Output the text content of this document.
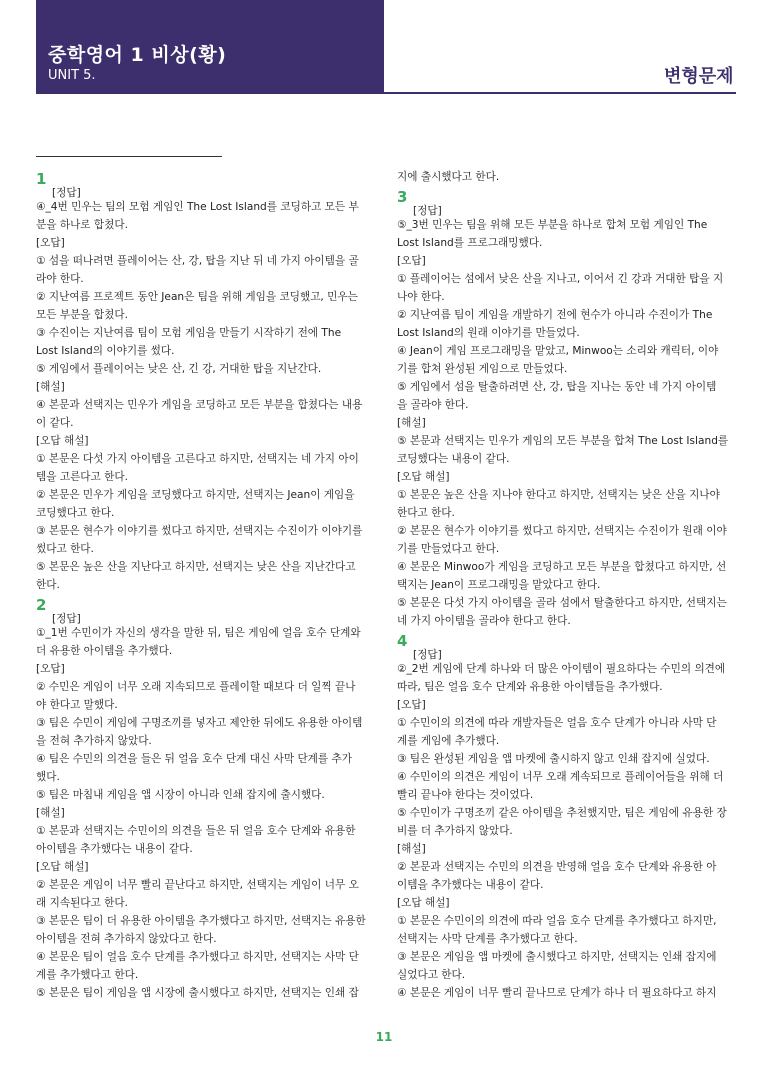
중학영어 1 비상(황)
UNIT 5.	변형문제
1
[정답]
④_4번 민우는 팀의 모험 게임인 The Lost Island를 코딩하고 모든 부
분을 하나로 합쳤다.
[오답]
① 섬을 떠나려면 플레이어는 산, 강, 탑을 지난 뒤 네 가지 아이템을 골
라야 한다.
② 지난여름 프로젝트 동안 Jean은 팀을 위해 게임을 코딩했고, 민우는
모든 부분을 합쳤다.
③ 수진이는 지난여름 팀이 모험 게임을 만들기 시작하기 전에 The
Lost Island의 이야기를 썼다.
⑤ 게임에서 플레이어는 낮은 산, 긴 강, 거대한 탑을 지난간다.
[해설]
④ 본문과 선택지는 민우가 게임을 코딩하고 모든 부분을 합쳤다는 내용
이 같다.
[오답 해설]
① 본문은 다섯 가지 아이템을 고른다고 하지만, 선택지는 네 가지 아이
템을 고른다고 한다.
② 본문은 민우가 게임을 코딩했다고 하지만, 선택지는 Jean이 게임을
코딩했다고 한다.
③ 본문은 현수가 이야기를 썼다고 하지만, 선택지는 수진이가 이야기를
썼다고 한다.
⑤ 본문은 높은 산을 지난다고 하지만, 선택지는 낮은 산을 지난간다고
한다.
2
[정답]
①_1번 수민이가 자신의 생각을 말한 뒤, 팀은 게임에 얼음 호수 단계와
더 유용한 아이템을 추가했다.
[오답]
② 수민은 게임이 너무 오래 지속되므로 플레이할 때보다 더 일찍 끝나
야 한다고 말했다.
③ 팀은 수민이 게임에 구명조끼를 넣자고 제안한 뒤에도 유용한 아이템
을 전혀 추가하지 않았다.
④ 팀은 수민의 의견을 들은 뒤 얼음 호수 단계 대신 사막 단계를 추가
했다.
⑤ 팀은 마침내 게임을 앱 시장이 아니라 인쇄 잡지에 출시했다.
[해설]
① 본문과 선택지는 수민이의 의견을 들은 뒤 얼음 호수 단계와 유용한
아이템을 추가했다는 내용이 같다.
[오답 해설]
② 본문은 게임이 너무 빨리 끝난다고 하지만, 선택지는 게임이 너무 오
래 지속된다고 한다.
③ 본문은 팀이 더 유용한 아이템을 추가했다고 하지만, 선택지는 유용한
아이템을 전혀 추가하지 않았다고 한다.
④ 본문은 팀이 얼음 호수 단계를 추가했다고 하지만, 선택지는 사막 단
계를 추가했다고 한다.
⑤ 본문은 팀이 게임을 앱 시장에 출시했다고 하지만, 선택지는 인쇄 잡
지에 출시했다고 한다.
3
[정답]
⑤_3번 민우는 팀을 위해 모든 부분을 하나로 합쳐 모험 게임인 The
Lost Island를 프로그래밍했다.
[오답]
① 플레이어는 섬에서 낮은 산을 지나고, 이어서 긴 강과 거대한 탑을 지
나야 한다.
② 지난여름 팀이 게임을 개발하기 전에 현수가 아니라 수진이가 The
Lost Island의 원래 이야기를 만들었다.
④ Jean이 게임 프로그래밍을 맡았고, Minwoo는 소리와 캐릭터, 이야
기를 합쳐 완성된 게임으로 만들었다.
⑤ 게임에서 섬을 탈출하려면 산, 강, 탑을 지나는 동안 네 가지 아이템
을 골라야 한다.
[해설]
⑤ 본문과 선택지는 민우가 게임의 모든 부분을 합쳐 The Lost Island를
코딩했다는 내용이 같다.
[오답 해설]
① 본문은 높은 산을 지나야 한다고 하지만, 선택지는 낮은 산을 지나야
한다고 한다.
② 본문은 현수가 이야기를 썼다고 하지만, 선택지는 수진이가 원래 이야
기를 만들었다고 한다.
④ 본문은 Minwoo가 게임을 코딩하고 모든 부분을 합쳤다고 하지만, 선
택지는 Jean이 프로그래밍을 맡았다고 한다.
⑤ 본문은 다섯 가지 아이템을 골라 섬에서 탈출한다고 하지만, 선택지는
네 가지 아이템을 골라야 한다고 한다.
4
[정답]
②_2번 게임에 단계 하나와 더 많은 아이템이 필요하다는 수민의 의견에
따라, 팀은 얼음 호수 단계와 유용한 아이템들을 추가했다.
[오답]
① 수민이의 의견에 따라 개발자들은 얼음 호수 단계가 아니라 사막 단
계를 게임에 추가했다.
③ 팀은 완성된 게임을 앱 마켓에 출시하지 않고 인쇄 잡지에 실었다.
④ 수민이의 의견은 게임이 너무 오래 계속되므로 플레이어들을 위해 더
빨리 끝나야 한다는 것이었다.
⑤ 수민이가 구명조끼 같은 아이템을 추천했지만, 팀은 게임에 유용한 장
비를 더 추가하지 않았다.
[해설]
② 본문과 선택지는 수민의 의견을 반영해 얼음 호수 단계와 유용한 아
이템을 추가했다는 내용이 같다.
[오답 해설]
① 본문은 수민이의 의견에 따라 얼음 호수 단계를 추가했다고 하지만,
선택지는 사막 단계를 추가했다고 한다.
③ 본문은 게임을 앱 마켓에 출시했다고 하지만, 선택지는 인쇄 잡지에
실었다고 한다.
④ 본문은 게임이 너무 빨리 끝나므로 단계가 하나 더 필요하다고 하지
11
